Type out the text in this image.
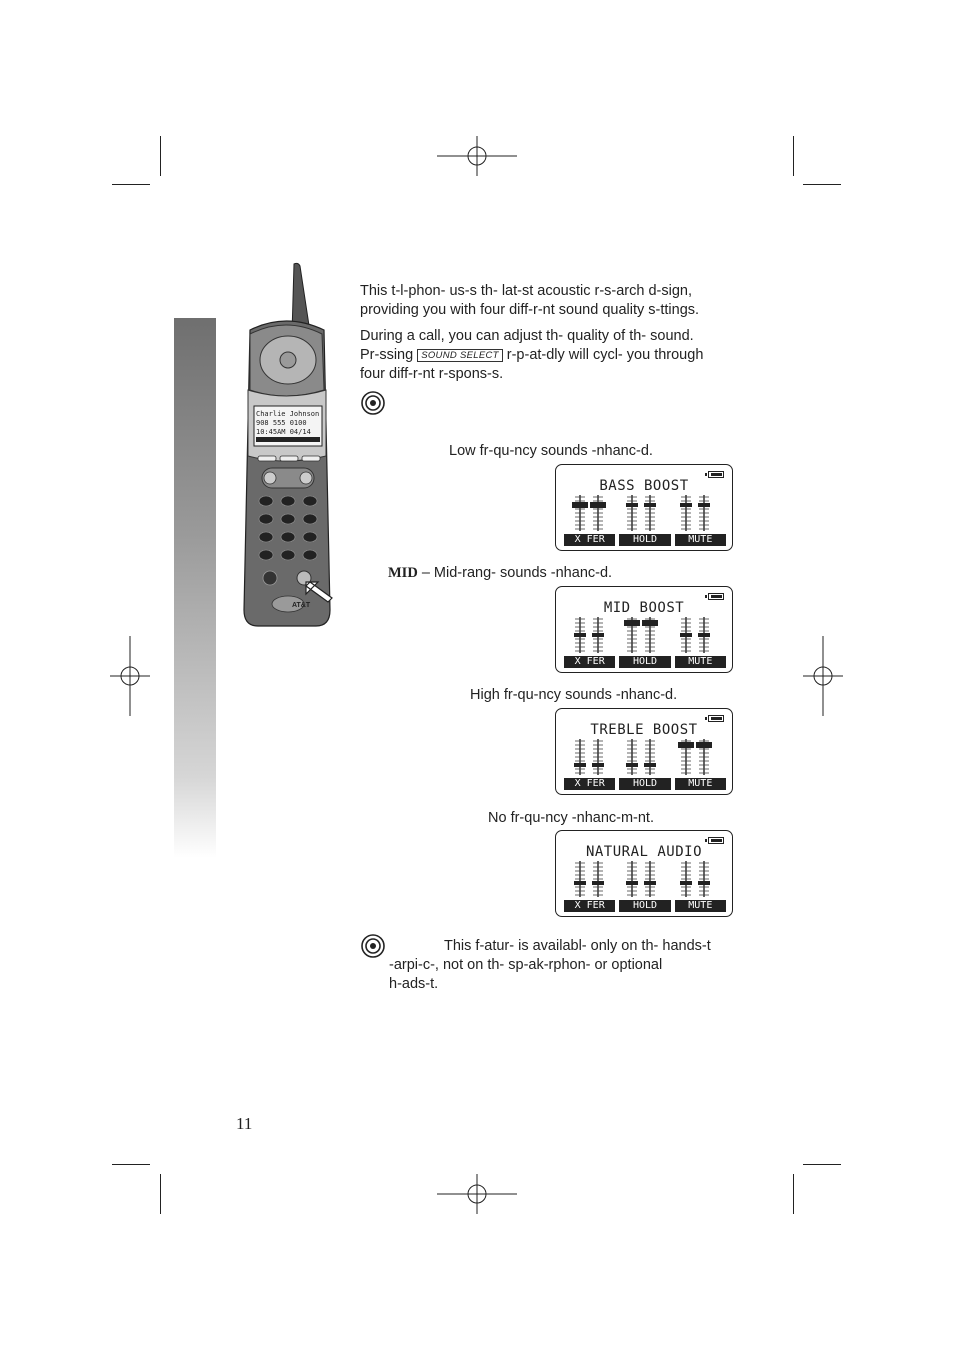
Charlie Johnson
908 555 0100
10:45AM 04/14
AT&T
This t‑l‑phon‑ us‑s th‑ lat‑st acoustic r‑s‑arch d‑sign, providing you with four diff‑r‑nt sound quality s‑ttings.
During a call, you can adjust th‑ quality of th‑ sound. Pr‑ssing SOUND SELECT r‑p‑at‑dly will cycl‑ you through four diff‑r‑nt r‑spons‑s.
Low fr‑qu‑ncy sounds ‑nhanc‑d.
BASS BOOST
X FER	HOLD	MUTE
MID – Mid-rang‑ sounds ‑nhanc‑d.
MID BOOST
X FER	HOLD	MUTE
High fr‑qu‑ncy sounds ‑nhanc‑d.
TREBLE BOOST
X FER	HOLD	MUTE
No fr‑qu‑ncy ‑nhanc‑m‑nt.
NATURAL AUDIO
X FER	HOLD	MUTE
This f‑atur‑ is availabl‑ only on th‑ hands‑t
‑arpi‑c‑, not on th‑ sp‑ak‑rphon‑ or optional
h‑ads‑t.
11
